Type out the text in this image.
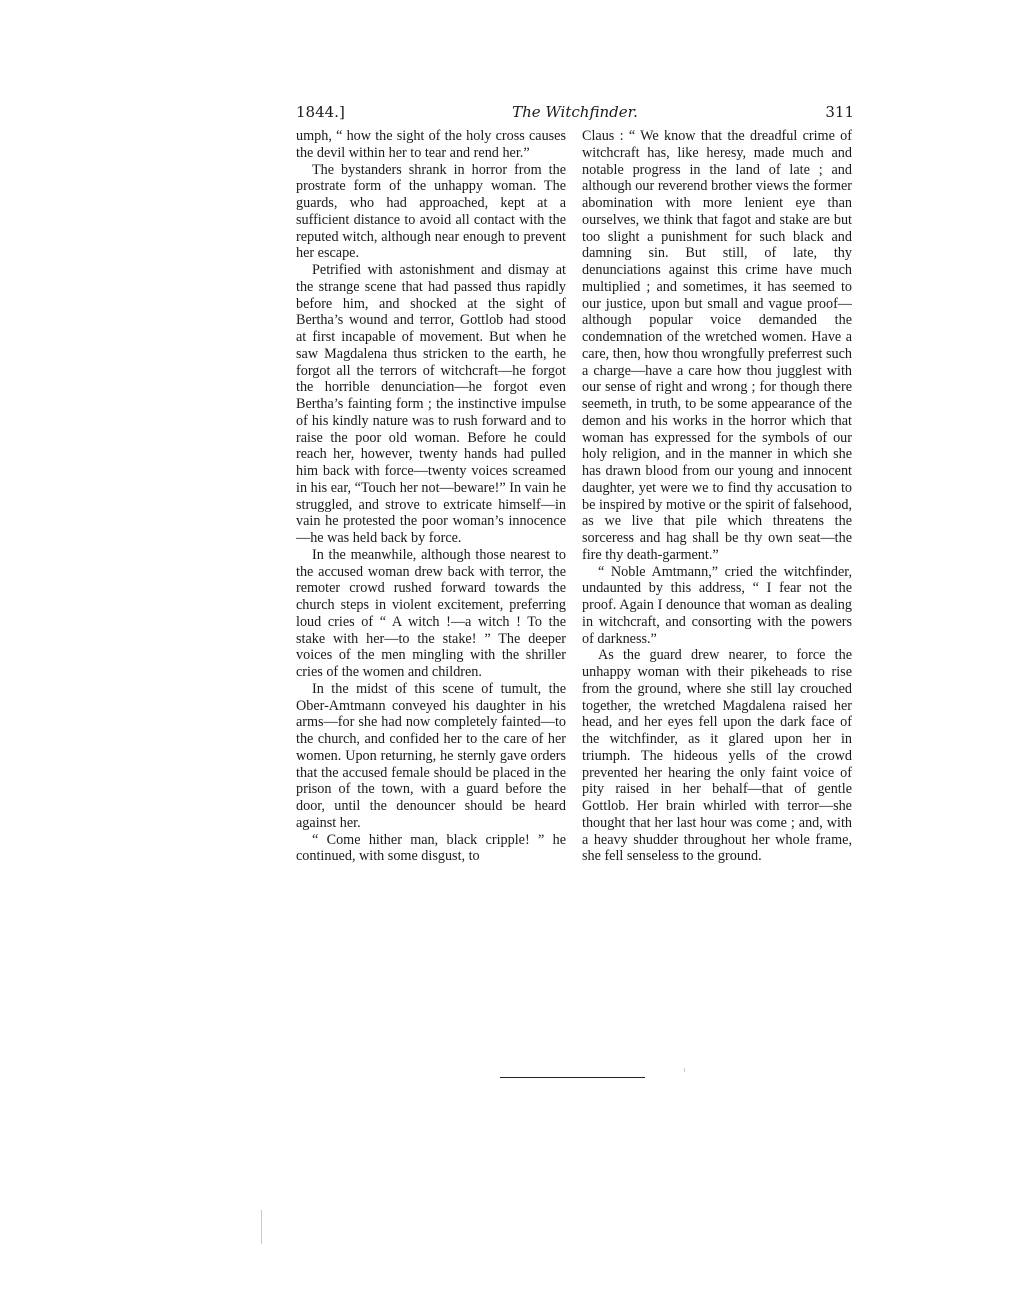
1844.]	The Witchfinder.	311

umph, “ how the sight of the holy cross causes the devil within her to tear and rend her.”

The bystanders shrank in horror from the prostrate form of the unhappy woman. The guards, who had approached, kept at a sufficient distance to avoid all contact with the reputed witch, although near enough to prevent her escape.

Petrified with astonishment and dismay at the strange scene that had passed thus rapidly before him, and shocked at the sight of Bertha’s wound and terror, Gottlob had stood at first incapable of movement. But when he saw Magdalena thus stricken to the earth, he forgot all the terrors of witchcraft—he forgot the horrible denunciation—he forgot even Bertha’s fainting form ; the instinctive impulse of his kindly nature was to rush forward and to raise the poor old woman. Before he could reach her, however, twenty hands had pulled him back with force—twenty voices screamed in his ear, “Touch her not—beware!” In vain he struggled, and strove to extricate himself—in vain he protested the poor woman’s innocence—he was held back by force.

In the meanwhile, although those nearest to the accused woman drew back with terror, the remoter crowd rushed forward towards the church steps in violent excitement, preferring loud cries of “ A witch !—a witch ! To the stake with her—to the stake! ” The deeper voices of the men mingling with the shriller cries of the women and children.

In the midst of this scene of tumult, the Ober-Amtmann conveyed his daughter in his arms—for she had now completely fainted—to the church, and confided her to the care of her women. Upon returning, he sternly gave orders that the accused female should be placed in the prison of the town, with a guard before the door, until the denouncer should be heard against her.

“ Come hither man, black cripple! ” he continued, with some disgust, to

Claus : “ We know that the dreadful crime of witchcraft has, like heresy, made much and notable progress in the land of late ; and although our reverend brother views the former abomination with more lenient eye than ourselves, we think that fagot and stake are but too slight a punishment for such black and damning sin. But still, of late, thy denunciations against this crime have much multiplied ; and sometimes, it has seemed to our justice, upon but small and vague proof—although popular voice demanded the condemnation of the wretched women. Have a care, then, how thou wrongfully preferrest such a charge—have a care how thou jugglest with our sense of right and wrong ; for though there seemeth, in truth, to be some appearance of the demon and his works in the horror which that woman has expressed for the symbols of our holy religion, and in the manner in which she has drawn blood from our young and innocent daughter, yet were we to find thy accusation to be inspired by motive or the spirit of falsehood, as we live that pile which threatens the sorceress and hag shall be thy own seat—the fire thy death-garment.”

“ Noble Amtmann,” cried the witchfinder, undaunted by this address, “ I fear not the proof. Again I denounce that woman as dealing in witchcraft, and consorting with the powers of darkness.”

As the guard drew nearer, to force the unhappy woman with their pikeheads to rise from the ground, where she still lay crouched together, the wretched Magdalena raised her head, and her eyes fell upon the dark face of the witchfinder, as it glared upon her in triumph. The hideous yells of the crowd prevented her hearing the only faint voice of pity raised in her behalf—that of gentle Gottlob. Her brain whirled with terror—she thought that her last hour was come ; and, with a heavy shudder throughout her whole frame, she fell senseless to the ground.
